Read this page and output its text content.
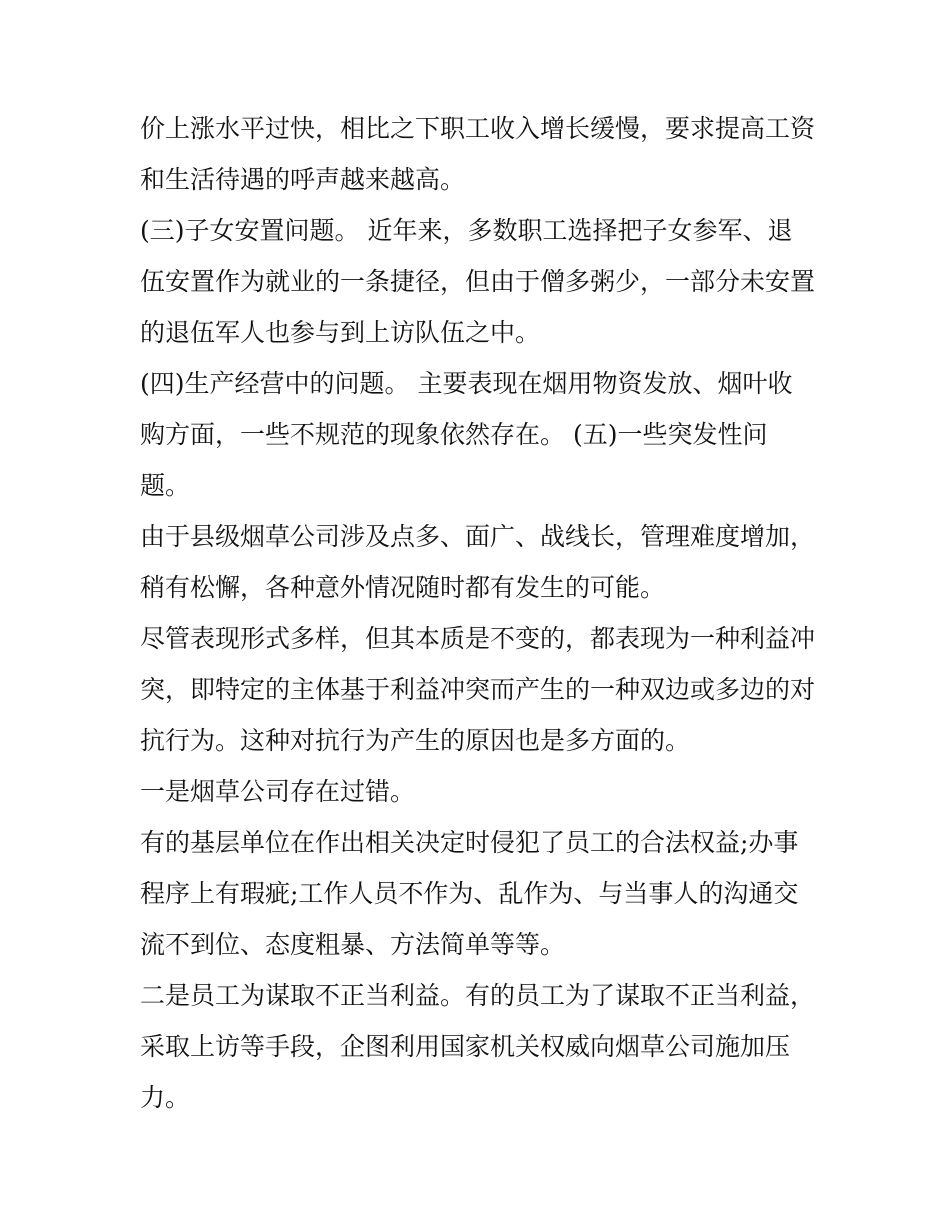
价上涨水平过快，相比之下职工收入增长缓慢，要求提高工资
和生活待遇的呼声越来越高。
(三)子女安置问题。 近年来，多数职工选择把子女参军、退
伍安置作为就业的一条捷径，但由于僧多粥少，一部分未安置
的退伍军人也参与到上访队伍之中。
(四)生产经营中的问题。 主要表现在烟用物资发放、烟叶收
购方面，一些不规范的现象依然存在。 (五)一些突发性问
题。
由于县级烟草公司涉及点多、面广、战线长，管理难度增加，
稍有松懈，各种意外情况随时都有发生的可能。
尽管表现形式多样，但其本质是不变的，都表现为一种利益冲
突，即特定的主体基于利益冲突而产生的一种双边或多边的对
抗行为。这种对抗行为产生的原因也是多方面的。
一是烟草公司存在过错。
有的基层单位在作出相关决定时侵犯了员工的合法权益;办事
程序上有瑕疵;工作人员不作为、乱作为、与当事人的沟通交
流不到位、态度粗暴、方法简单等等。
二是员工为谋取不正当利益。有的员工为了谋取不正当利益，
采取上访等手段，企图利用国家机关权威向烟草公司施加压
力。
